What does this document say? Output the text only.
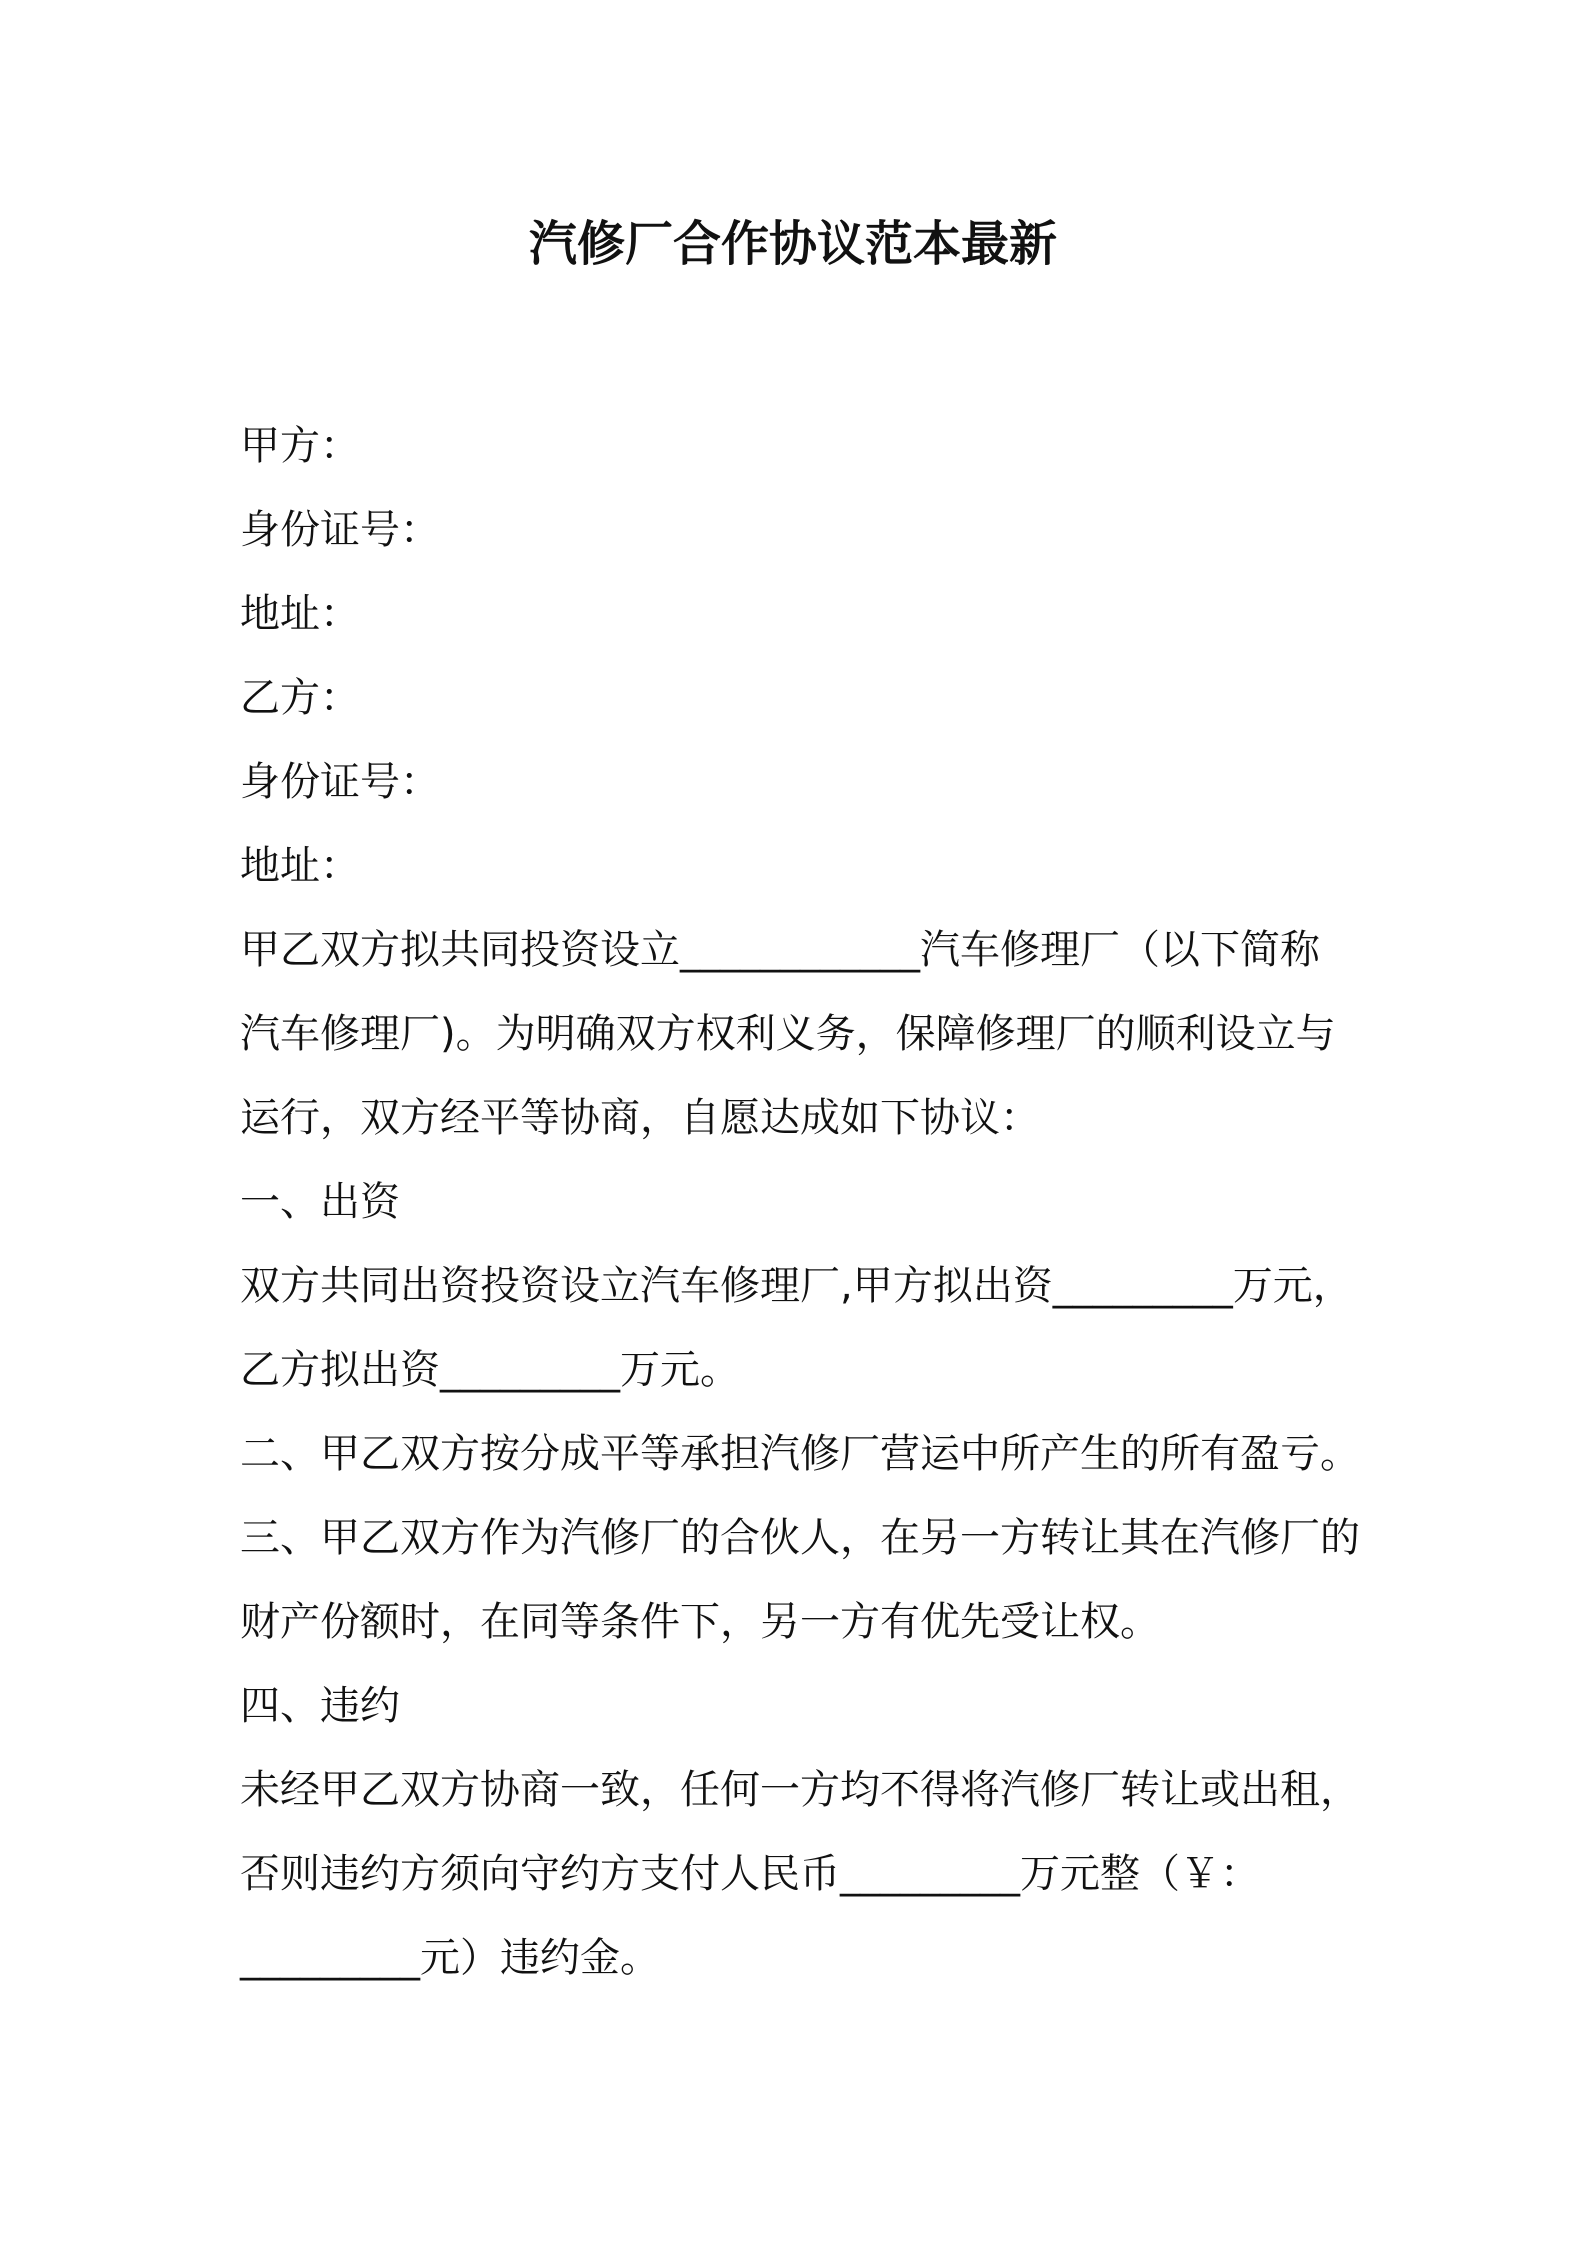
汽修厂合作协议范本最新
甲方：
身份证号：
地址：
乙方：
身份证号：
地址：
甲乙双方拟共同投资设立____________汽车修理厂（以下简称
汽车修理厂)。为明确双方权利义务，保障修理厂的顺利设立与
运行，双方经平等协商，自愿达成如下协议：
一、出资
双方共同出资投资设立汽车修理厂,甲方拟出资_________万元，
乙方拟出资_________万元。
二、甲乙双方按分成平等承担汽修厂营运中所产生的所有盈亏。
三、甲乙双方作为汽修厂的合伙人，在另一方转让其在汽修厂的
财产份额时，在同等条件下，另一方有优先受让权。
四、违约
未经甲乙双方协商一致，任何一方均不得将汽修厂转让或出租，
否则违约方须向守约方支付人民币_________万元整（￥：
_________元）违约金。
